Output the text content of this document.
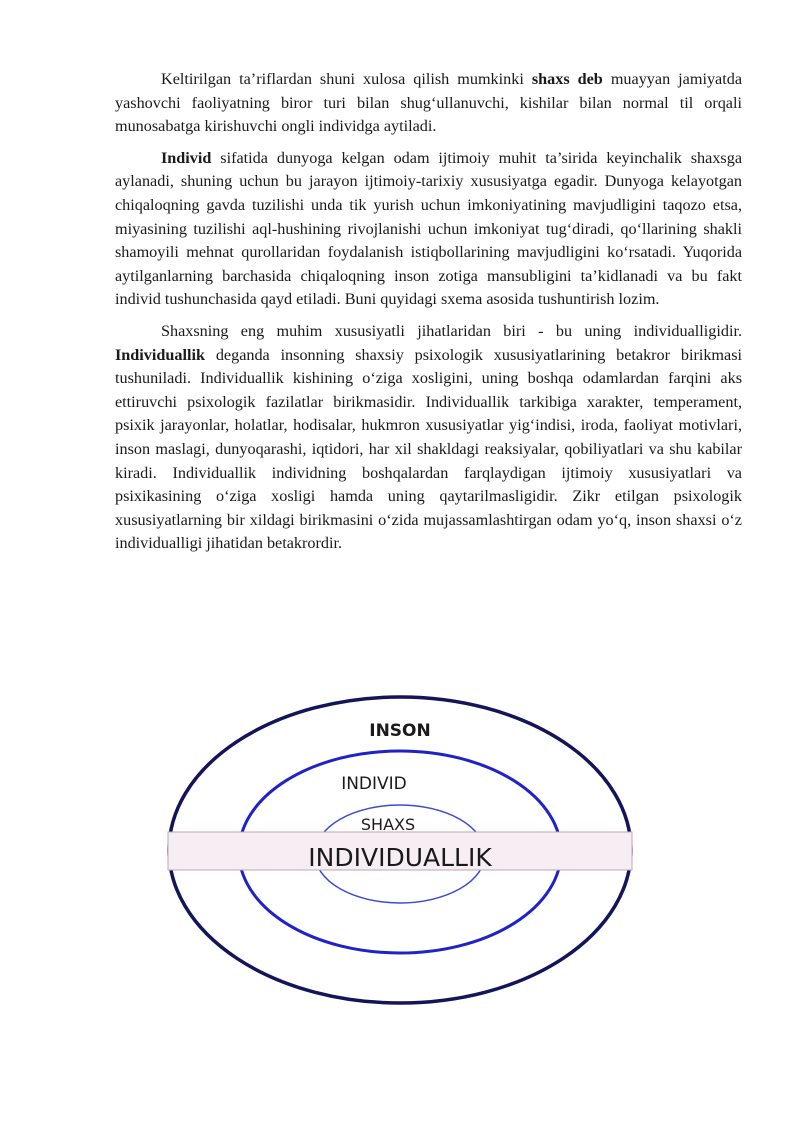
Keltirilgan ta’riflardan shuni xulosa qilish mumkinki shaxs deb muayyan jamiyatda yashovchi faoliyatning biror turi bilan shug‘ullanuvchi, kishilar bilan normal til orqali munosabatga kirishuvchi ongli individga aytiladi.

Individ sifatida dunyoga kelgan odam ijtimoiy muhit ta’sirida keyinchalik shaxsga aylanadi, shuning uchun bu jarayon ijtimoiy-tarixiy xususiyatga egadir. Dunyoga kelayotgan chiqaloqning gavda tuzilishi unda tik yurish uchun imkoniyatining mavjudligini taqozo etsa, miyasining tuzilishi aql-hushining rivojlanishi uchun imkoniyat tug‘diradi, qo‘llarining shakli shamoyili mehnat qurollaridan foydalanish istiqbollarining mavjudligini ko‘rsatadi. Yuqorida aytilganlarning barchasida chiqaloqning inson zotiga mansubligini ta’kidlanadi va bu fakt individ tushunchasida qayd etiladi. Buni quyidagi sxema asosida tushuntirish lozim.

Shaxsning eng muhim xususiyatli jihatlaridan biri - bu uning individualligidir. Individuallik deganda insonning shaxsiy psixologik xususiyatlarining betakror birikmasi tushuniladi. Individuallik kishining o‘ziga xosligini, uning boshqa odamlardan farqini aks ettiruvchi psixologik fazilatlar birikmasidir. Individuallik tarkibiga xarakter, temperament, psixik jarayonlar, holatlar, hodisalar, hukmron xususiyatlar yig‘indisi, iroda, faoliyat motivlari, inson maslagi, dunyoqarashi, iqtidori, har xil shakldagi reaksiyalar, qobiliyatlari va shu kabilar kiradi. Individuallik individning boshqalardan farqlaydigan ijtimoiy xususiyatlari va psixikasining o‘ziga xosligi hamda uning qaytarilmasligidir. Zikr etilgan psixologik xususiyatlarning bir xildagi birikmasini o‘zida mujassamlashtirgan odam yo‘q, inson shaxsi o‘z individualligi jihatidan betakrordir.

INSON
INDIVID
SHAXS
INDIVIDUALLIK
